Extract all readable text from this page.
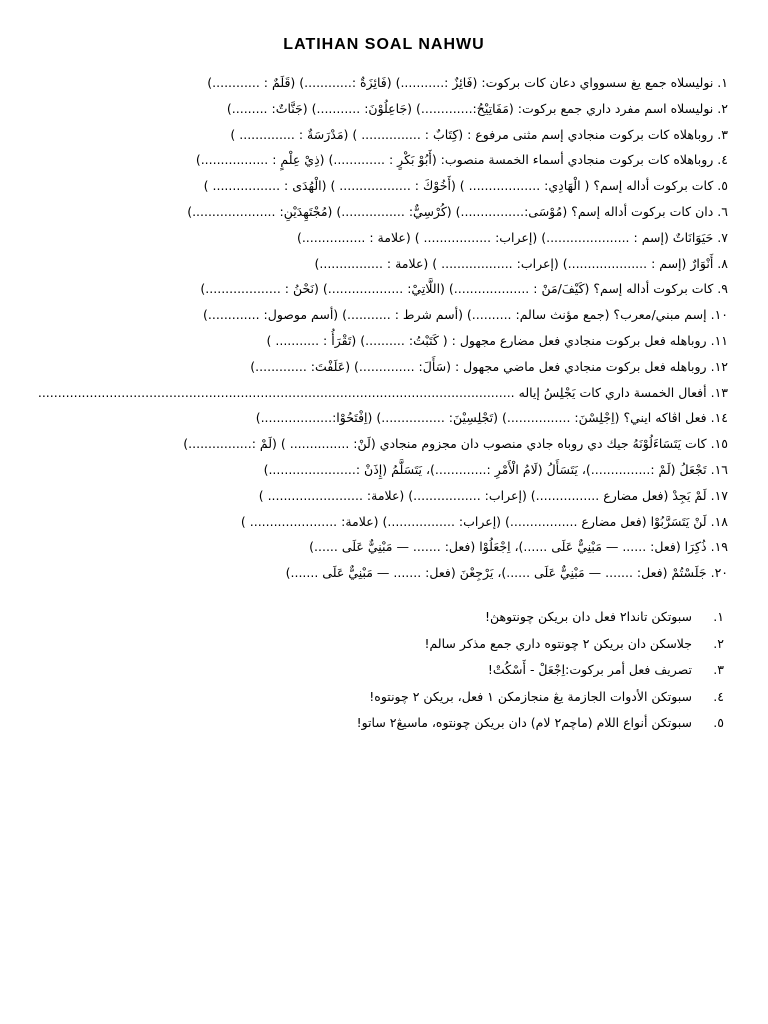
LATIHAN SOAL NAHWU
١.نوليسلاه جمع يغ سسوواي دعان كات بركوت: (فَائِزٌ :...........) (فَائِزَةٌ :............) (قَلَمٌ : ............)
٢.نوليسلاه اسم مفرد داري جمع بركوت: (مَفَاتِيْحُ:.............) (جَاعِلُوْنَ: ...........) (جَنَّاتٌ: .........)
٣.روباهلاه كات بركوت منجادي إسم مثنى مرفوع : (كِتَابٌ : ............... ) (مَدْرَسَةٌ : .............. )
٤.روباهلاه كات بركوت منجادي أسماء الخمسة منصوب: (أَبُوْ بَكْرٍ : .............) (ذِيْ عِلْمٍ : .................)
٥.كات بركوت أداله إسم؟ ( الْهَادِي: .................. ) (أَخُوْكَ : .................. ) (الْهُدَى : ................. )
٦.دان كات بركوت أداله إسم؟ (مُوْسَى:................) (كُرْسِيٌّ: ................) (مُجْتَهِدَيْنِ: .....................)
٧.حَيَوَانَاتٌ (إسم : .....................) (إعراب: ................. ) (علامة : ................)
٨.أَنْوَارٌ (إسم : ....................) (إعراب: .................. ) (علامة : ................)
٩.كات بركوت أداله إسم؟ (كَيْفَ/مَنْ : ...................) (اللَّاتِيْ: ...................) (نَحْنُ : ...................)
١٠.إسم مبني/معرب؟ (جمع مؤنث سالم: ..........) (أسم شرط : ...........) (أسم موصول: .............)
١١.روباهله فعل بركوت منجادي فعل مضارع مجهول : ( كَتَبْتُ: ..........) (تَقْرَأُ : ........... )
١٢.روباهله فعل بركوت منجادي فعل ماضي مجهول : (سَأَلَ: ..............) (عَلَفْتَ: .............)
١٣.أفعال الخمسة داري كات يَجْلِسُ إياله ........................................................................................................................
١٤.فعل اڤاكه ايني؟ (اِجْلِسْنَ: ................) (تَجْلِسِيْنَ: ................) (اِفْتَحُوْا:..................)
١٥.كات يَتَسَاءَلُوْنَهُ جيك دي روباه جادي منصوب دان مجزوم منجادي (لَنْ: ............... ) (لَمْ :................)
١٦.تَجْعَلُ (لَمْ :...............)، يَتَسَأَلُ (لَامُ الْأَمْرِ :.............)، يَتَسَلَّمُ (إِذَنْ :......................)
١٧.لَمْ يَجِدْ (فعل مضارع ................) (إعراب: .................) (علامة: ........................ )
١٨.لَنْ يَتَسَرَّبُوْا (فعل مضارع .................) (إعراب: .................) (علامة: ...................... )
١٩.ذُكِرَا (فعل: ...... — مَبْنِيٌّ عَلَى ......)، اِجْعَلُوْا (فعل: ....... — مَبْنِيٌّ عَلَى ......)
٢٠.جَلَسْتُمْ (فعل: ....... — مَبْنِيٌّ عَلَى ......)، يَرْجِعْنَ (فعل: ....... — مَبْنِيٌّ عَلَى .......)
١.سبوتكن تاندا٢ فعل دان بريكن چونتوهڽ!
٢.جلاسكن دان بريكن ٢ چونتوه داري جمع مذكر سالم!
٣.تصريف فعل أمر بركوت:اِجْعَلْ - أَسْكُتْ!
٤.سبوتكن الأدوات الجازمة يڠ منجازمكن ١ فعل، بريكن ٢ چونتوه!
٥.سبوتكن أنواع اللام (ماچم٢ لام) دان بريكن چونتوه، ماسيڠ٢ ساتو!
